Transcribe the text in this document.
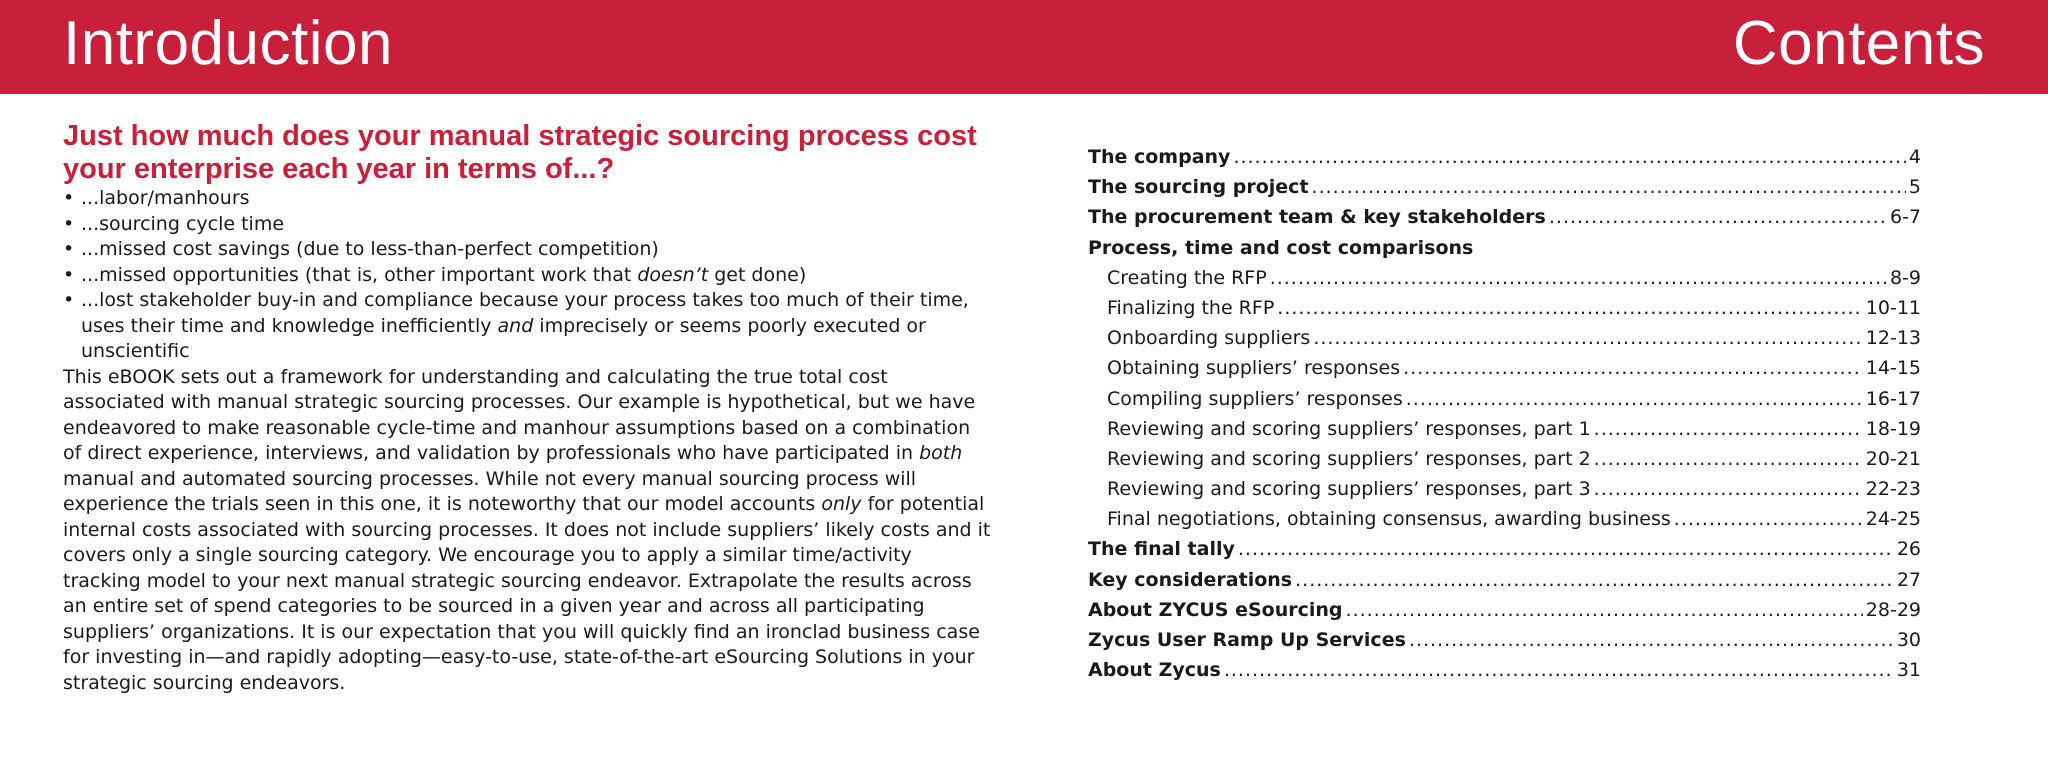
Introduction	Contents
Just how much does your manual strategic sourcing process cost your enterprise each year in terms of...?
• ...labor/manhours
• ...sourcing cycle time
• ...missed cost savings (due to less-than-perfect competition)
• ...missed opportunities (that is, other important work that doesn’t get done)
• ...lost stakeholder buy-in and compliance because your process takes too much of their time, uses their time and knowledge inefficiently and imprecisely or seems poorly executed or unscientific

This eBOOK sets out a framework for understanding and calculating the true total cost associated with manual strategic sourcing processes. Our example is hypothetical, but we have endeavored to make reasonable cycle-time and manhour assumptions based on a combination of direct experience, interviews, and validation by professionals who have participated in both manual and automated sourcing processes. While not every manual sourcing process will experience the trials seen in this one, it is noteworthy that our model accounts only for potential internal costs associated with sourcing processes. It does not include suppliers’ likely costs and it covers only a single sourcing category. We encourage you to apply a similar time/activity tracking model to your next manual strategic sourcing endeavor. Extrapolate the results across an entire set of spend categories to be sourced in a given year and across all participating suppliers’ organizations. It is our expectation that you will quickly find an ironclad business case for investing in—and rapidly adopting—easy-to-use, state-of-the-art eSourcing Solutions in your strategic sourcing endeavors.

The company .....	4
The sourcing project .....	5
The procurement team & key stakeholders .....	6-7
Process, time and cost comparisons
Creating the RFP .....	8-9
Finalizing the RFP .....	10-11
Onboarding suppliers .....	12-13
Obtaining suppliers’ responses .....	14-15
Compiling suppliers’ responses .....	16-17
Reviewing and scoring suppliers’ responses, part 1 .....	18-19
Reviewing and scoring suppliers’ responses, part 2 .....	20-21
Reviewing and scoring suppliers’ responses, part 3 .....	22-23
Final negotiations, obtaining consensus, awarding business .....	24-25
The final tally .....	26
Key considerations .....	27
About ZYCUS eSourcing .....	28-29
Zycus User Ramp Up Services .....	30
About Zycus .....	31
